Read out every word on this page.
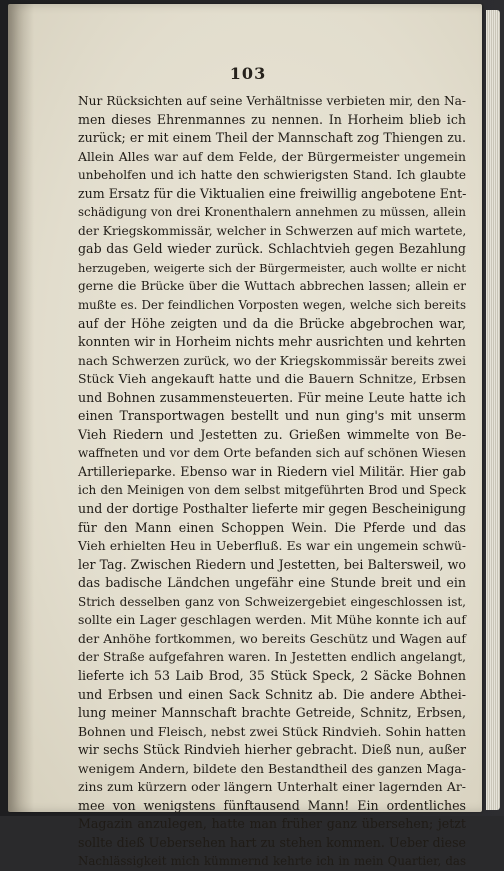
103
Nur Rücksichten auf seine Verhältnisse verbieten mir, den Na-
men dieses Ehrenmannes zu nennen. In Horheim blieb ich
zurück; er mit einem Theil der Mannschaft zog Thiengen zu.
Allein Alles war auf dem Felde, der Bürgermeister ungemein
unbeholfen und ich hatte den schwierigsten Stand. Ich glaubte
zum Ersatz für die Viktualien eine freiwillig angebotene Ent-
schädigung von drei Kronenthalern annehmen zu müssen, allein
der Kriegskommissär, welcher in Schwerzen auf mich wartete,
gab das Geld wieder zurück. Schlachtvieh gegen Bezahlung
herzugeben, weigerte sich der Bürgermeister, auch wollte er nicht
gerne die Brücke über die Wuttach abbrechen lassen; allein er
mußte es. Der feindlichen Vorposten wegen, welche sich bereits
auf der Höhe zeigten und da die Brücke abgebrochen war,
konnten wir in Horheim nichts mehr ausrichten und kehrten
nach Schwerzen zurück, wo der Kriegskommissär bereits zwei
Stück Vieh angekauft hatte und die Bauern Schnitze, Erbsen
und Bohnen zusammensteuerten. Für meine Leute hatte ich
einen Transportwagen bestellt und nun ging's mit unserm
Vieh Riedern und Jestetten zu. Grießen wimmelte von Be-
waffneten und vor dem Orte befanden sich auf schönen Wiesen
Artillerieparke. Ebenso war in Riedern viel Militär. Hier gab
ich den Meinigen von dem selbst mitgeführten Brod und Speck
und der dortige Posthalter lieferte mir gegen Bescheinigung
für den Mann einen Schoppen Wein. Die Pferde und das
Vieh erhielten Heu in Ueberfluß. Es war ein ungemein schwü-
ler Tag. Zwischen Riedern und Jestetten, bei Baltersweil, wo
das badische Ländchen ungefähr eine Stunde breit und ein
Strich desselben ganz von Schweizergebiet eingeschlossen ist,
sollte ein Lager geschlagen werden. Mit Mühe konnte ich auf
der Anhöhe fortkommen, wo bereits Geschütz und Wagen auf
der Straße aufgefahren waren. In Jestetten endlich angelangt,
lieferte ich 53 Laib Brod, 35 Stück Speck, 2 Säcke Bohnen
und Erbsen und einen Sack Schnitz ab. Die andere Abthei-
lung meiner Mannschaft brachte Getreide, Schnitz, Erbsen,
Bohnen und Fleisch, nebst zwei Stück Rindvieh. Sohin hatten
wir sechs Stück Rindvieh hierher gebracht. Dieß nun, außer
wenigem Andern, bildete den Bestandtheil des ganzen Maga-
zins zum kürzern oder längern Unterhalt einer lagernden Ar-
mee von wenigstens fünftausend Mann! Ein ordentliches
Magazin anzulegen, hatte man früher ganz übersehen; jetzt
sollte dieß Uebersehen hart zu stehen kommen. Ueber diese
Nachlässigkeit mich kümmernd kehrte ich in mein Quartier, das
